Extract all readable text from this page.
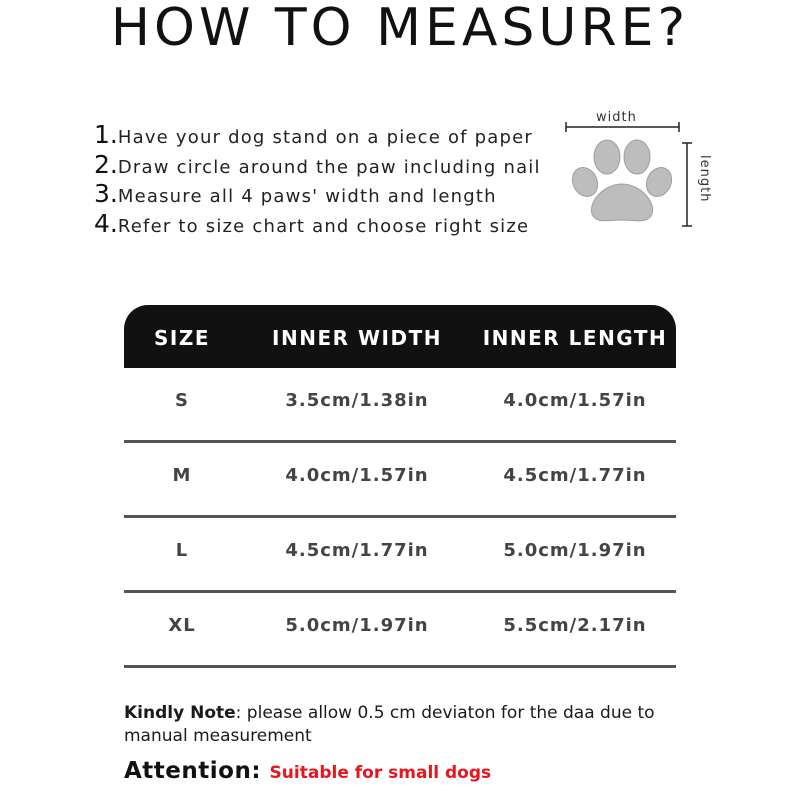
HOW TO MEASURE?
1.Have your dog stand on a piece of paper
2.Draw circle around the paw including nail
3.Measure all 4 paws' width and length
4.Refer to size chart and choose right size
width
length
SIZE	INNER WIDTH	INNER LENGTH
S	3.5cm/1.38in	4.0cm/1.57in
M	4.0cm/1.57in	4.5cm/1.77in
L	4.5cm/1.77in	5.0cm/1.97in
XL	5.0cm/1.97in	5.5cm/2.17in
Kindly Note: please allow 0.5 cm deviaton for the daa due to manual measurement
Attention: Suitable for small dogs
